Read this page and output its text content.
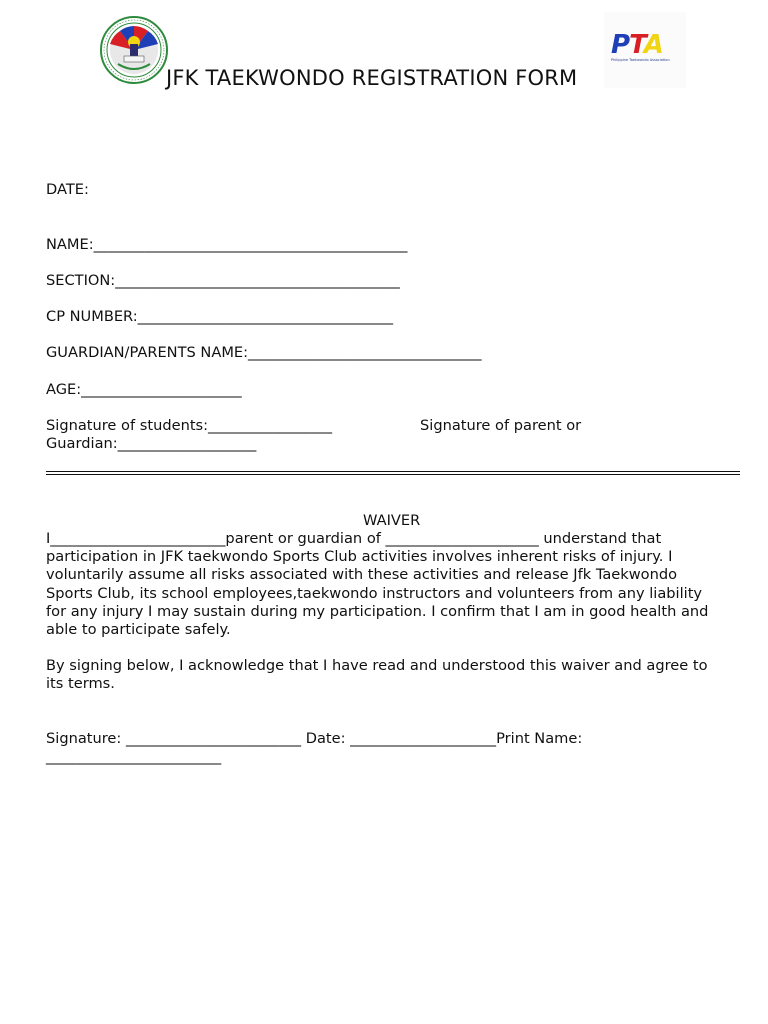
PTA
Philippine Taekwondo Association
JFK TAEKWONDO REGISTRATION FORM
DATE:
NAME:___________________________________________
SECTION:_______________________________________
CP NUMBER:___________________________________
GUARDIAN/PARENTS NAME:________________________________
AGE:______________________
Signature of students:_________________	Signature of parent or
Guardian:___________________
WAIVER
I________________________parent or guardian of _____________________ understand that
participation in JFK taekwondo Sports Club activities involves inherent risks of injury. I
voluntarily assume all risks associated with these activities and release Jfk Taekwondo
Sports Club, its school employees,taekwondo instructors and volunteers from any liability
for any injury I may sustain during my participation. I confirm that I am in good health and
able to participate safely.
By signing below, I acknowledge that I have read and understood this waiver and agree to
its terms.
Signature: ________________________ Date: ____________________Print Name:
________________________
